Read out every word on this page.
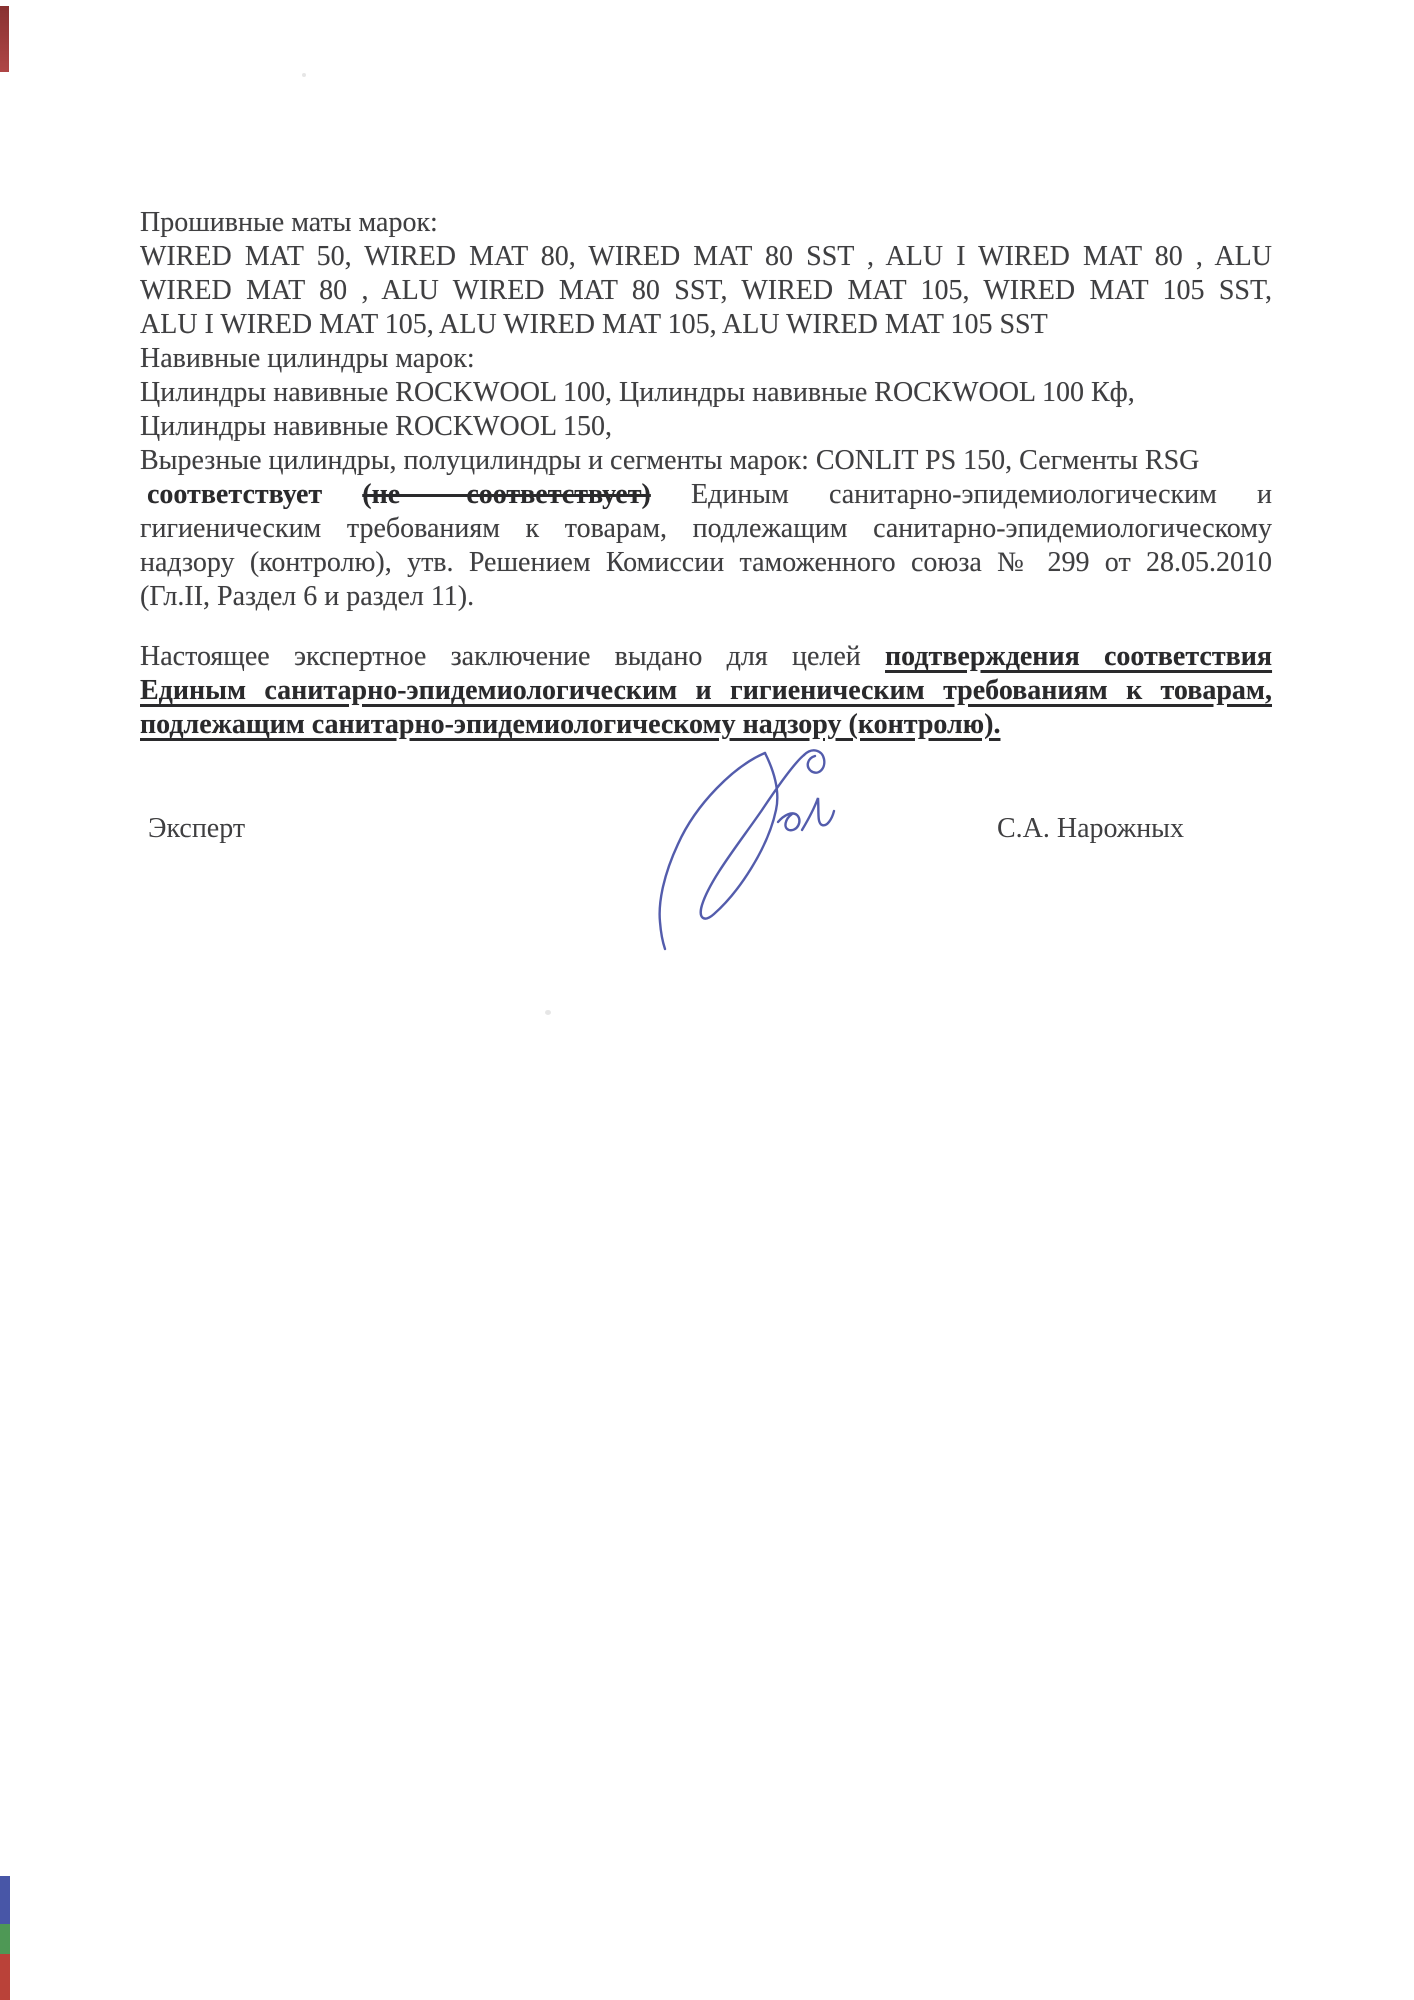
Прошивные маты марок:
WIRED MAT 50, WIRED MAT 80, WIRED MAT 80 SST , ALU I WIRED MAT 80 , ALU
WIRED MAT 80 , ALU WIRED MAT 80 SST, WIRED MAT 105, WIRED MAT 105 SST,
ALU I WIRED MAT 105, ALU WIRED MAT 105, ALU WIRED MAT 105 SST
Навивные цилиндры марок:
Цилиндры навивные ROCKWOOL 100, Цилиндры навивные ROCKWOOL 100 Кф,
Цилиндры навивные ROCKWOOL 150,
Вырезные цилиндры, полуцилиндры и сегменты марок: CONLIT PS 150, Сегменты RSG
соответствует (не соответствует) Единым санитарно-эпидемиологическим и
гигиеническим требованиям к товарам, подлежащим санитарно-эпидемиологическому
надзору (контролю), утв. Решением Комиссии таможенного союза № 299 от 28.05.2010
(Гл.II, Раздел 6 и раздел 11).
Настоящее экспертное заключение выдано для целей подтверждения соответствия
Единым санитарно-эпидемиологическим и гигиеническим требованиям к товарам,
подлежащим санитарно-эпидемиологическому надзору (контролю).
Эксперт	С.А. Нарожных
